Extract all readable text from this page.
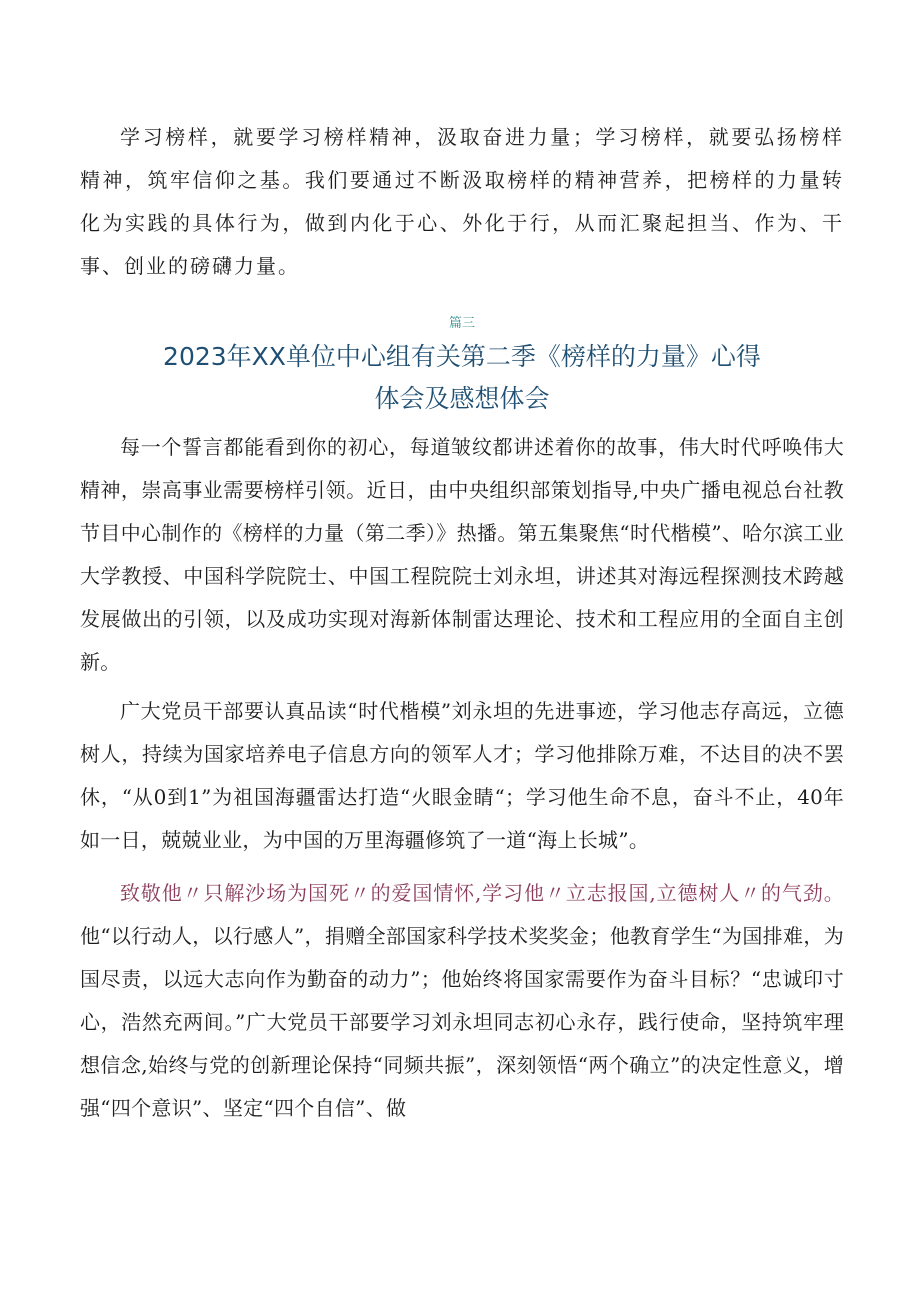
学习榜样，就要学习榜样精神，汲取奋进力量；学习榜样，就要弘扬榜样精神，筑牢信仰之基。我们要通过不断汲取榜样的精神营养，把榜样的力量转化为实践的具体行为，做到内化于心、外化于行，从而汇聚起担当、作为、干事、创业的磅礴力量。

篇三
2023年XX单位中心组有关第二季《榜样的力量》心得
体会及感想体会

每一个誓言都能看到你的初心，每道皱纹都讲述着你的故事，伟大时代呼唤伟大精神，崇高事业需要榜样引领。近日，由中央组织部策划指导,中央广播电视总台社教节目中心制作的《榜样的力量（第二季）》热播。第五集聚焦“时代楷模”、哈尔滨工业大学教授、中国科学院院士、中国工程院院士刘永坦，讲述其对海远程探测技术跨越发展做出的引领，以及成功实现对海新体制雷达理论、技术和工程应用的全面自主创新。

广大党员干部要认真品读“时代楷模”刘永坦的先进事迹，学习他志存高远，立德树人，持续为国家培养电子信息方向的领军人才；学习他排除万难，不达目的决不罢休，“从0到1”为祖国海疆雷达打造“火眼金睛“；学习他生命不息，奋斗不止，40年如一日，兢兢业业，为中国的万里海疆修筑了一道“海上长城”。

致敬他〃只解沙场为国死〃的爱国情怀,学习他〃立志报国,立德树人〃的气劲。他“以行动人，以行感人”，捐赠全部国家科学技术奖奖金；他教育学生“为国排难，为国尽责，以远大志向作为勤奋的动力”；他始终将国家需要作为奋斗目标？“忠诚印寸心，浩然充两间。”广大党员干部要学习刘永坦同志初心永存，践行使命，坚持筑牢理想信念,始终与党的创新理论保持“同频共振”，深刻领悟“两个确立”的决定性意义，增强“四个意识”、坚定“四个自信”、做
